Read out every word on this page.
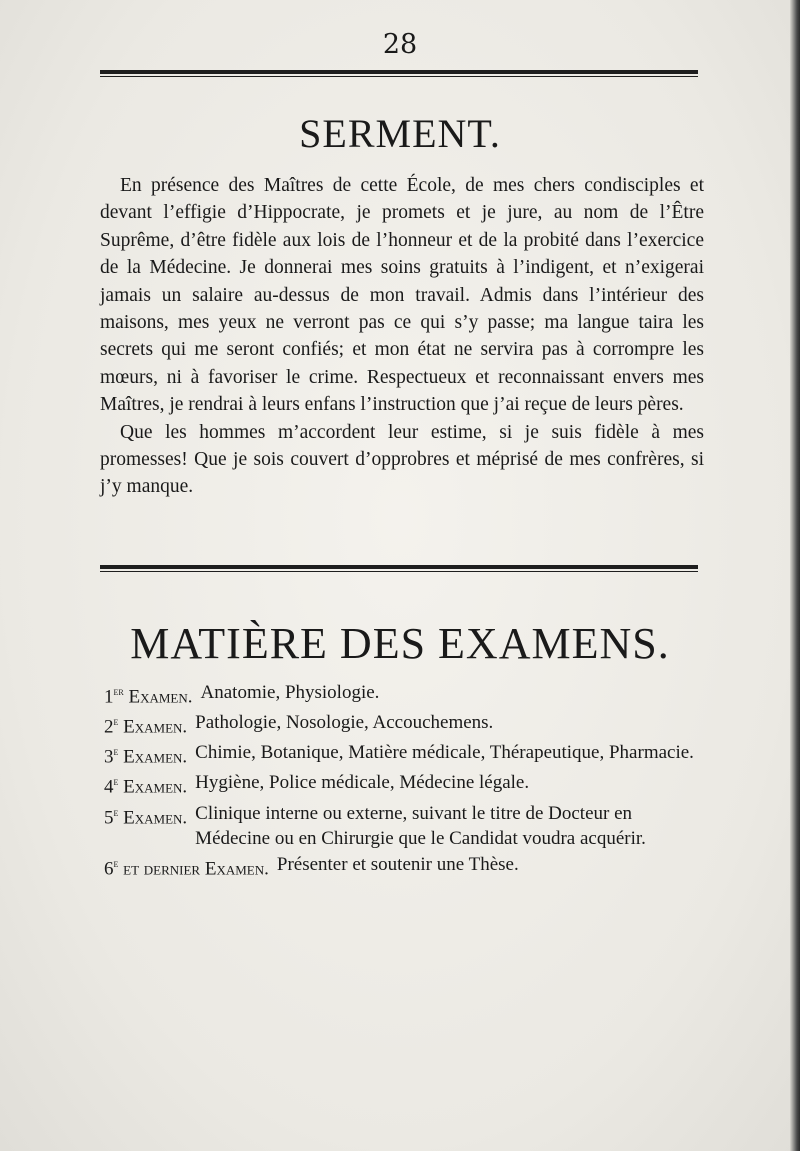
28
SERMENT.

En présence des Maîtres de cette École, de mes chers condisciples et devant l’effigie d’Hippocrate, je promets et je jure, au nom de l’Être Suprême, d’être fidèle aux lois de l’honneur et de la probité dans l’exercice de la Médecine. Je donnerai mes soins gratuits à l’indigent, et n’exigerai jamais un salaire au-dessus de mon travail. Admis dans l’intérieur des maisons, mes yeux ne verront pas ce qui s’y passe; ma langue taira les secrets qui me seront confiés; et mon état ne servira pas à corrompre les mœurs, ni à favoriser le crime. Respectueux et reconnaissant envers mes Maîtres, je rendrai à leurs enfans l’instruction que j’ai reçue de leurs pères.

Que les hommes m’accordent leur estime, si je suis fidèle à mes promesses! Que je sois couvert d’opprobres et méprisé de mes confrères, si j’y manque.

MATIÈRE DES EXAMENS.
1er Examen. Anatomie, Physiologie.
2e Examen. Pathologie, Nosologie, Accouchemens.
3e Examen. Chimie, Botanique, Matière médicale, Thérapeutique, Pharmacie.
4e Examen. Hygiène, Police médicale, Médecine légale.
5e Examen. Clinique interne ou externe, suivant le titre de Docteur en Médecine ou en Chirurgie que le Candidat voudra acquérir.
6e et dernier Examen. Présenter et soutenir une Thèse.
